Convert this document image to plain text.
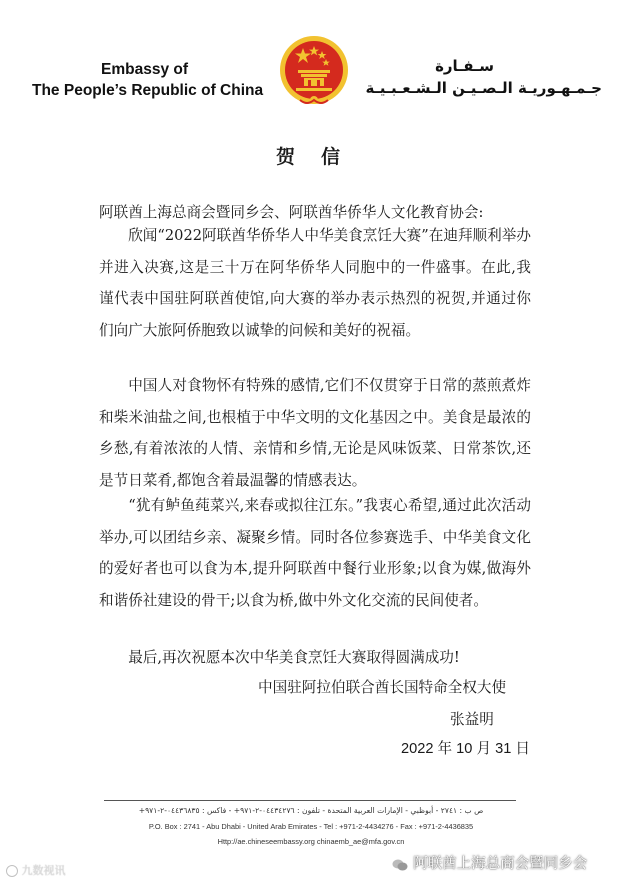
Embassy of
The People’s Republic of China
سـفـارة
جـمـهـوريـة الـصـيـن الـشـعـبـيـة
贺信
阿联酋上海总商会暨同乡会、阿联酋华侨华人文化教育协会:
欣闻“2022阿联酋华侨华人中华美食烹饪大赛”在迪拜顺利举办并进入决赛,这是三十万在阿华侨华人同胞中的一件盛事。在此,我谨代表中国驻阿联酋使馆,向大赛的举办表示热烈的祝贺,并通过你们向广大旅阿侨胞致以诚挚的问候和美好的祝福。
中国人对食物怀有特殊的感情,它们不仅贯穿于日常的蒸煎煮炸和柴米油盐之间,也根植于中华文明的文化基因之中。美食是最浓的乡愁,有着浓浓的人情、亲情和乡情,无论是风味饭菜、日常茶饮,还是节日菜肴,都饱含着最温馨的情感表达。
“犹有鲈鱼莼菜兴,来春或拟往江东。”我衷心希望,通过此次活动举办,可以团结乡亲、凝聚乡情。同时各位参赛选手、中华美食文化的爱好者也可以食为本,提升阿联酋中餐行业形象;以食为媒,做海外和谐侨社建设的骨干;以食为桥,做中外文化交流的民间使者。
最后,再次祝愿本次中华美食烹饪大赛取得圆满成功!
中国驻阿拉伯联合酋长国特命全权大使
张益明
2022 年 10 月 31 日
ص ب : ٢٧٤١ - أبوظبي - الإمارات العربية المتحدة - تلفون : ٠٤٤٣٤٢٧٦-٢-٩٧١+ - فاكس : ٠٤٤٣٦٨٣٥-٢-٩٧١+
P.O. Box : 2741 - Abu Dhabi - United Arab Emirates - Tel : +971-2-4434276 - Fax : +971-2-4436835
Http://ae.chineseembassy.org chinaemb_ae@mfa.gov.cn
九数视讯	阿联酋上海总商会暨同乡会
